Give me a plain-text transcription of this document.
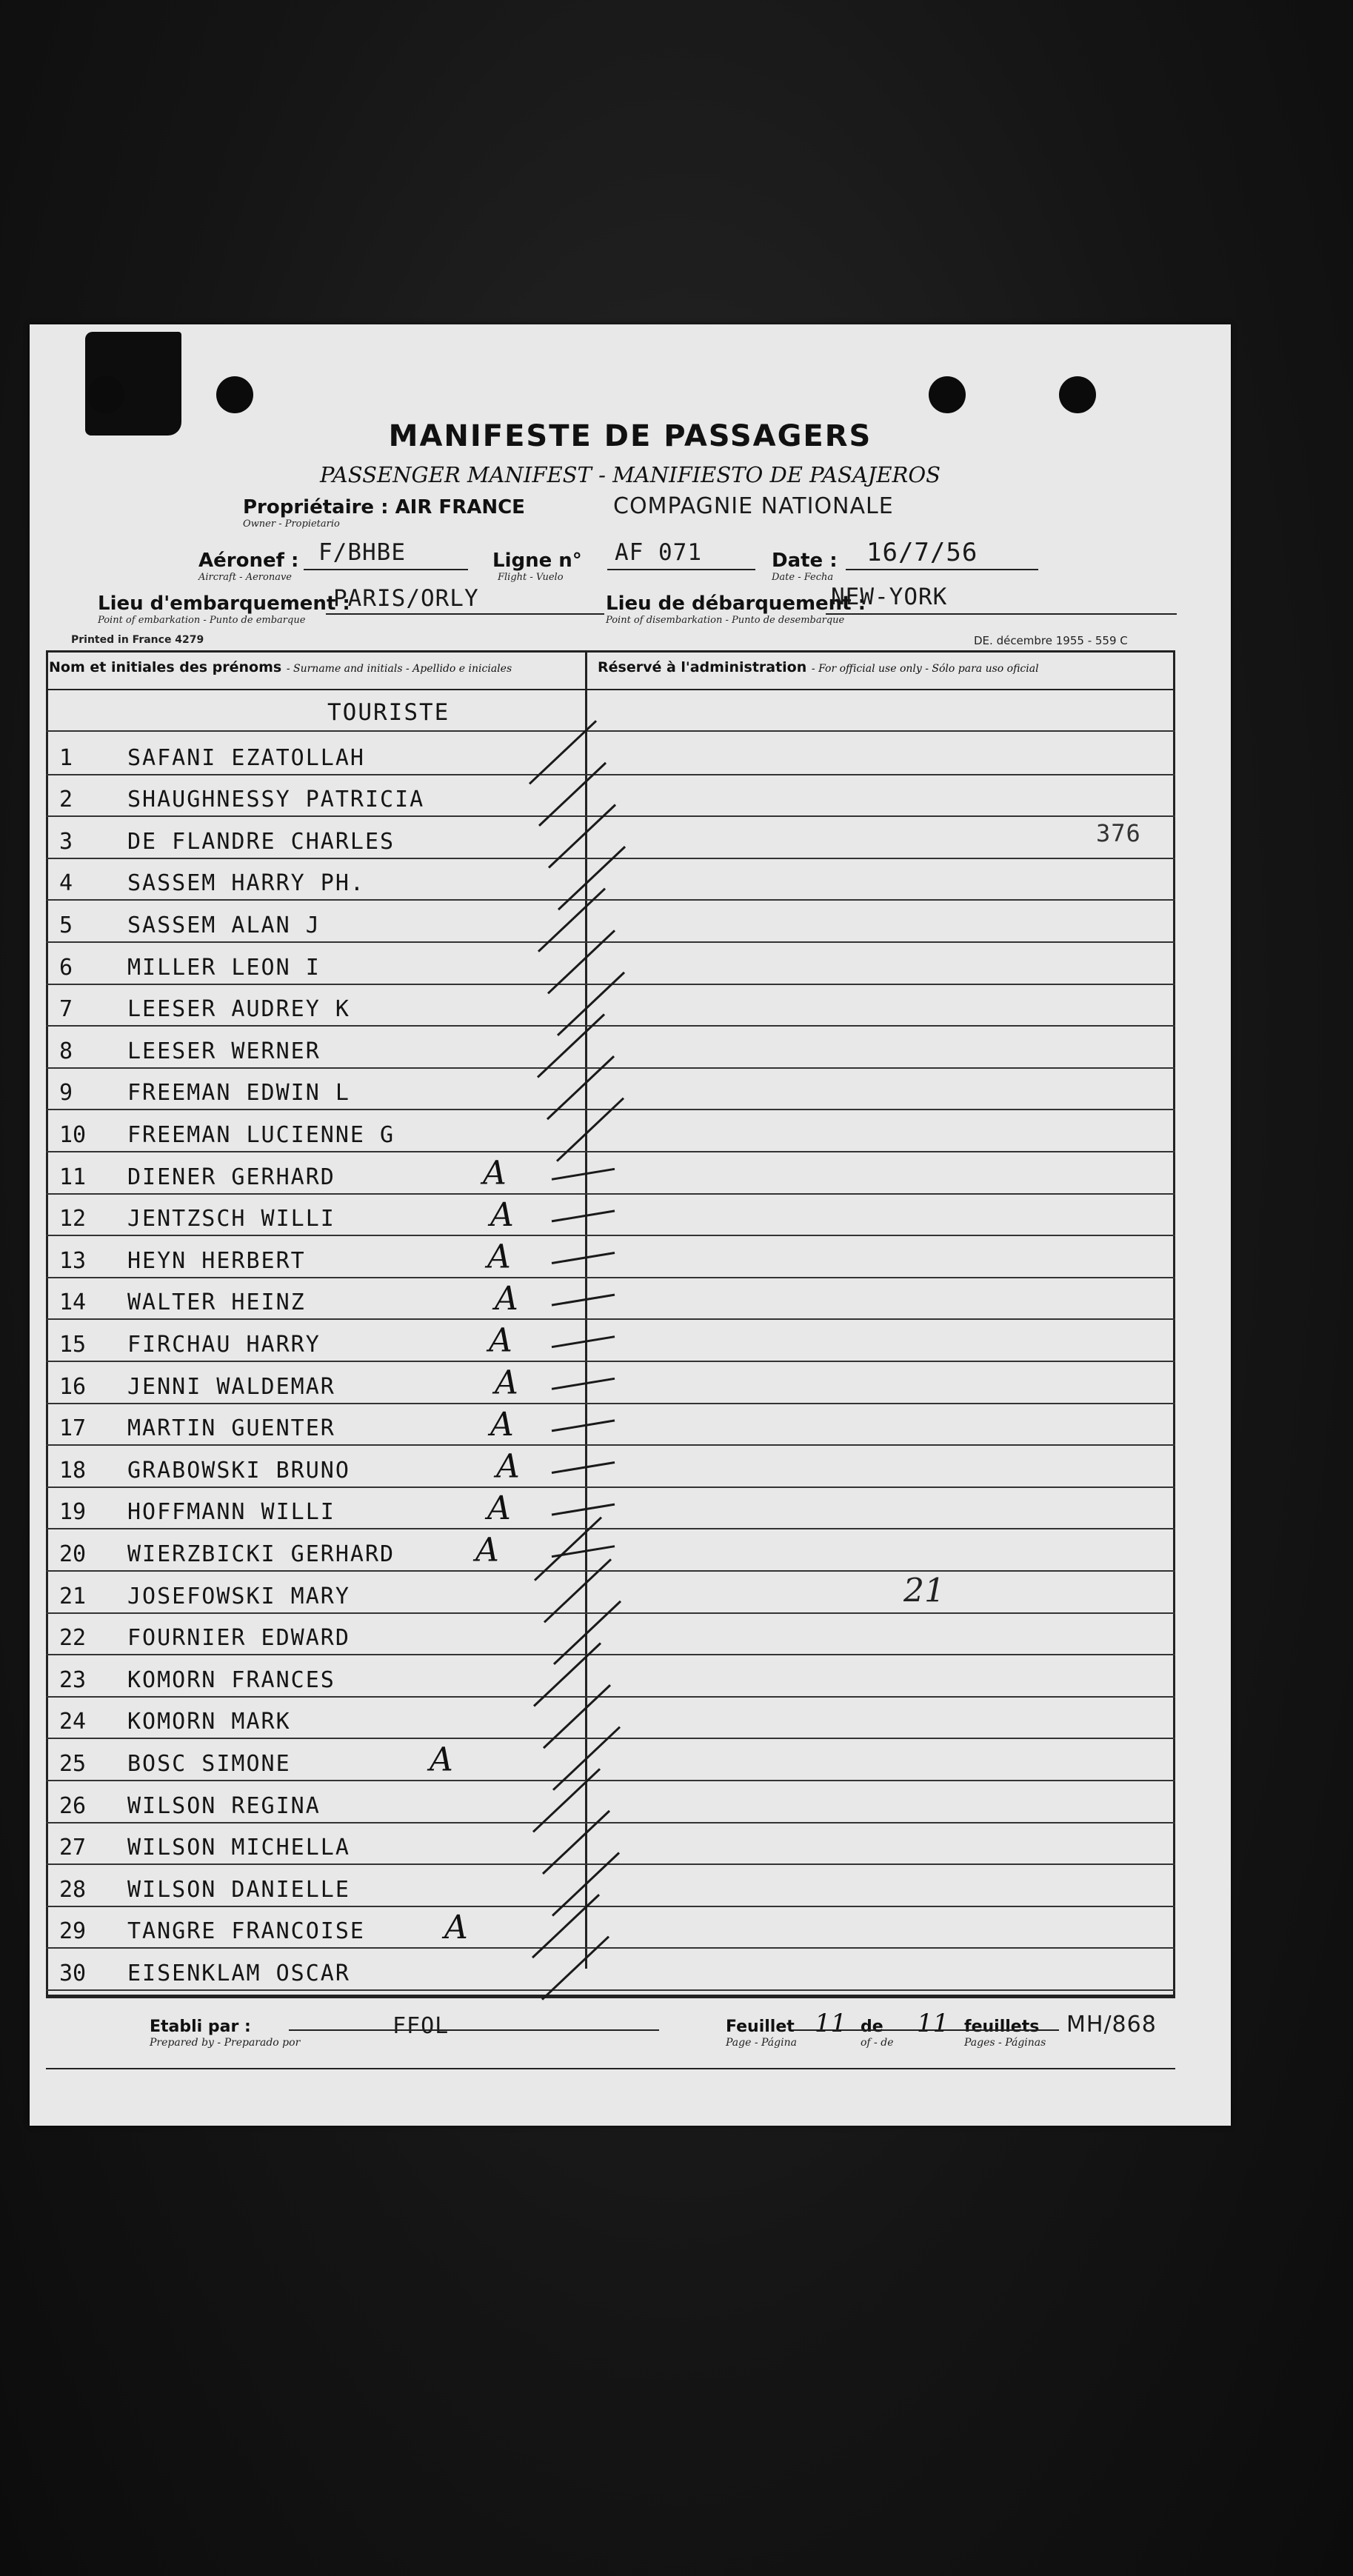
MANIFESTE DE PASSAGERS
PASSENGER MANIFEST - MANIFIESTO DE PASAJEROS
Propriétaire : AIR FRANCE
Owner - Propietario
COMPAGNIE NATIONALE
Aéronef :
Aircraft - Aeronave
F/BHBE	Ligne n°
Flight - Vuelo
AF 071	Date :
Date - Fecha
16/7/56
Lieu d'embarquement :
Point of embarkation - Punto de embarque
PARIS/ORLY	Lieu de débarquement :
Point of disembarkation - Punto de desembarque
NEW-YORK
Printed in France 4279	DE. décembre 1955 - 559 C
Nom et initiales des prénoms - Surname and initials - Apellido e iniciales	Réservé à l'administration - For official use only - Sólo para uso oficial
TOURISTE
1 SAFANI EZATOLLAH
2 SHAUGHNESSY PATRICIA
3 DE FLANDRE CHARLES
4 SASSEM HARRY PH.
5 SASSEM ALAN J
6 MILLER LEON I
7 LEESER AUDREY K
8 LEESER WERNER
9 FREEMAN EDWIN L
10 FREEMAN LUCIENNE G
11 DIENER GERHARD
12 JENTZSCH WILLI
13 HEYN HERBERT
14 WALTER HEINZ
15 FIRCHAU HARRY
16 JENNI WALDEMAR
17 MARTIN GUENTER
18 GRABOWSKI BRUNO
19 HOFFMANN WILLI
20 WIERZBICKI GERHARD
21 JOSEFOWSKI MARY
22 FOURNIER EDWARD
23 KOMORN FRANCES
24 KOMORN MARK
25 BOSC SIMONE
26 WILSON REGINA
27 WILSON MICHELLA
28 WILSON DANIELLE
29 TANGRE FRANCOISE
30 EISENKLAM OSCAR
376
Etabli par :
Prepared by - Preparado por
FFOL	Feuillet
Page - Página
11 de
of - de
11 feuillets
Pages - Páginas
MH/868
A
A
A
A
A
A
A
A
A
A
A
A
21
